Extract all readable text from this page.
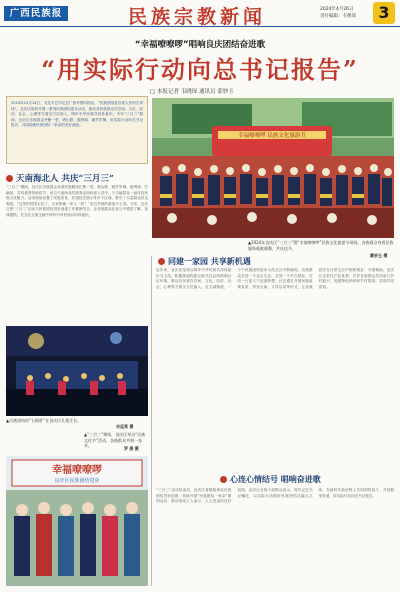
广西民族报	民族宗教新闻	2024年4月26日
责任编辑：韦俊琛	3
“幸福嘹嘹啰”唱响良庆团结奋进歌
“用实际行动向总书记报告”
□ 本报记者 韦晓琛 通讯员 蒙妙玉
2023年12月14日，习近平总书记在广西考察时指出，“民族团结是各族人民的生命线”。良庆区组织开展一系列民族团结进步活动，推动各民族群众在空间、文化、经济、社会、心理等方面全方位嵌入，铸牢中华民族共同体意识。今年“三月三”期间，良庆区各族群众齐聚一堂，唱山歌、抛绣球、跳竹竿舞，用实际行动向总书记报告，共同绘就民族团结一家亲的美好画卷。
幸福嘹嘹啰 民族文化旅游节
▲2024年良庆区“三月三”暨“幸福嘹嘹啰”民族文化旅游节现场，各族群众身着民族服饰载歌载舞，共庆佳节。
蒙妙玉 摄
天南海北人 共庆“三月三”
“三月三”期间，良庆区各族群众身着民族服饰汇聚一堂，唱山歌、跳竹竿舞、抛绣球、打扁担，共同欢度传统佳节。来自天南海北的游客也纷纷加入其中，与当地群众一起体验民族文化魅力。活动现场设置了民族美食、非遗技艺展示等多个区域，吸引了大量群众驻足观看。“这里的氛围太好了，大家都像一家人一样！”来自外地的游客小王说。今年，良庆区把“三月三”活动与民族团结进步创建工作紧密结合，让各族群众在参与中增进了解、加深感情，在交往交流交融中铸牢中华民族共同体意识。
▲民族团结的“石榴籽”在良庆区扎根生长。
宋廷莱 摄
▲“三月三”期间，良庆区举办“民族文化节”活动，各族群众共唱一家亲。
罗 燕 摄
幸福嘹嘹啰
良庆区民族团结进步
同建一家园 共享新机遇
近年来，良庆区坚持以铸牢中华民族共同体意识为主线，积极探索构建互嵌式社会结构和社区环境，推动各民族在空间、文化、经济、社会、心理等方面全方位嵌入。在玉洞街道，一个个民族团结进步示范社区不断涌现，各族群众在同一个社区生活、在同一个平台就业、在同一片蓝天下追逐梦想。社区通过开展民族政策宣讲、邻里互助、文体活动等形式，让各族居民在日常生活中相知相亲、守望相助。良庆区还依托产业优势，引导各族群众共同参与乡村振兴，发展特色种养和乡村旅游，实现共同富裕。
心连心情结号 唱响奋进歌
“三月三”活动结束后，良庆区将继续深化民族团结进步创建，持续开展“民族团结一家亲”系列活动，推动形成人人参与、人人受益的良好局面。良庆区各族干部群众表示，将牢记总书记嘱托，以实际行动做好民族团结这篇大文章，在新时代新征程上共同团结奋斗、共同繁荣发展，用实际行动向总书记报告。
